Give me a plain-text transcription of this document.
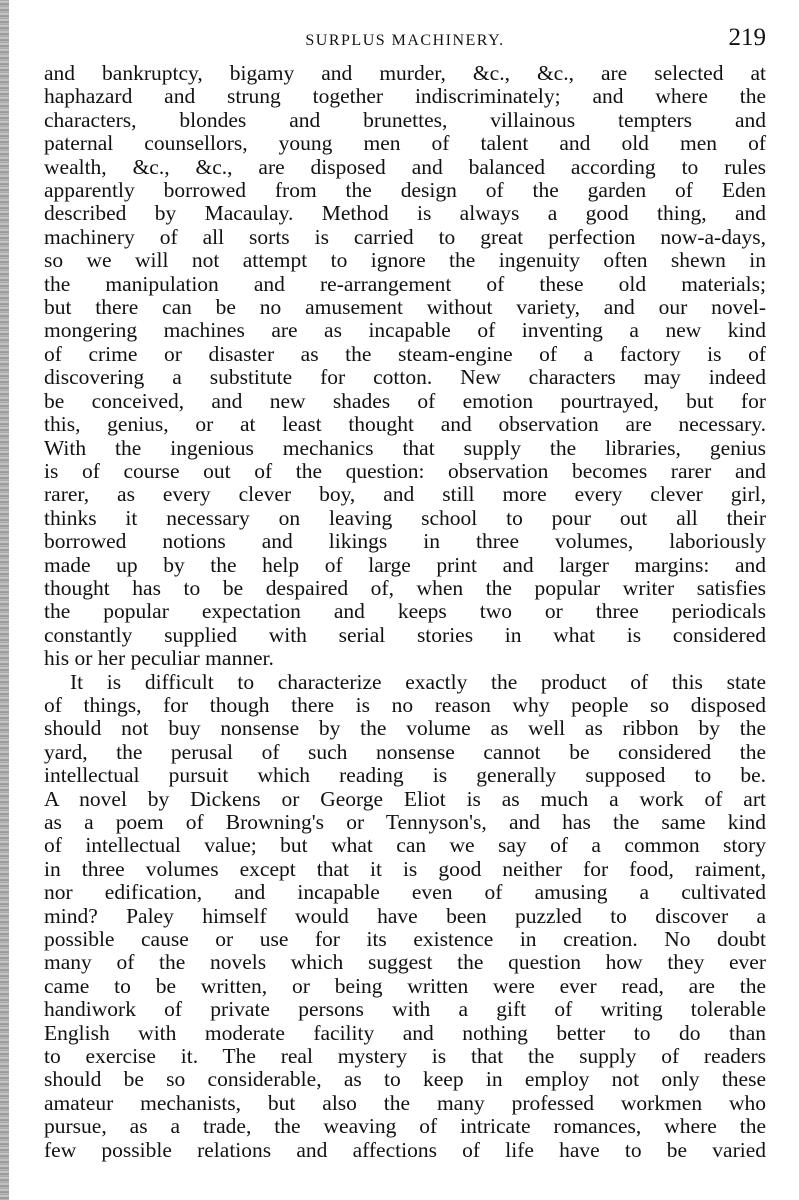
SURPLUS MACHINERY.	219
and bankruptcy, bigamy and murder, &c., &c., are selected at
haphazard and strung together indiscriminately; and where the
characters, blondes and brunettes, villainous tempters and
paternal counsellors, young men of talent and old men of
wealth, &c., &c., are disposed and balanced according to rules
apparently borrowed from the design of the garden of Eden
described by Macaulay. Method is always a good thing, and
machinery of all sorts is carried to great perfection now-a-days,
so we will not attempt to ignore the ingenuity often shewn in
the manipulation and re-arrangement of these old materials;
but there can be no amusement without variety, and our novel-
mongering machines are as incapable of inventing a new kind
of crime or disaster as the steam-engine of a factory is of
discovering a substitute for cotton. New characters may indeed
be conceived, and new shades of emotion pourtrayed, but for
this, genius, or at least thought and observation are necessary.
With the ingenious mechanics that supply the libraries, genius
is of course out of the question: observation becomes rarer and
rarer, as every clever boy, and still more every clever girl,
thinks it necessary on leaving school to pour out all their
borrowed notions and likings in three volumes, laboriously
made up by the help of large print and larger margins: and
thought has to be despaired of, when the popular writer satisfies
the popular expectation and keeps two or three periodicals
constantly supplied with serial stories in what is considered
his or her peculiar manner.
It is difficult to characterize exactly the product of this state
of things, for though there is no reason why people so disposed
should not buy nonsense by the volume as well as ribbon by the
yard, the perusal of such nonsense cannot be considered the
intellectual pursuit which reading is generally supposed to be.
A novel by Dickens or George Eliot is as much a work of art
as a poem of Browning's or Tennyson's, and has the same kind
of intellectual value; but what can we say of a common story
in three volumes except that it is good neither for food, raiment,
nor edification, and incapable even of amusing a cultivated
mind? Paley himself would have been puzzled to discover a
possible cause or use for its existence in creation. No doubt
many of the novels which suggest the question how they ever
came to be written, or being written were ever read, are the
handiwork of private persons with a gift of writing tolerable
English with moderate facility and nothing better to do than
to exercise it. The real mystery is that the supply of readers
should be so considerable, as to keep in employ not only these
amateur mechanists, but also the many professed workmen who
pursue, as a trade, the weaving of intricate romances, where the
few possible relations and affections of life have to be varied
